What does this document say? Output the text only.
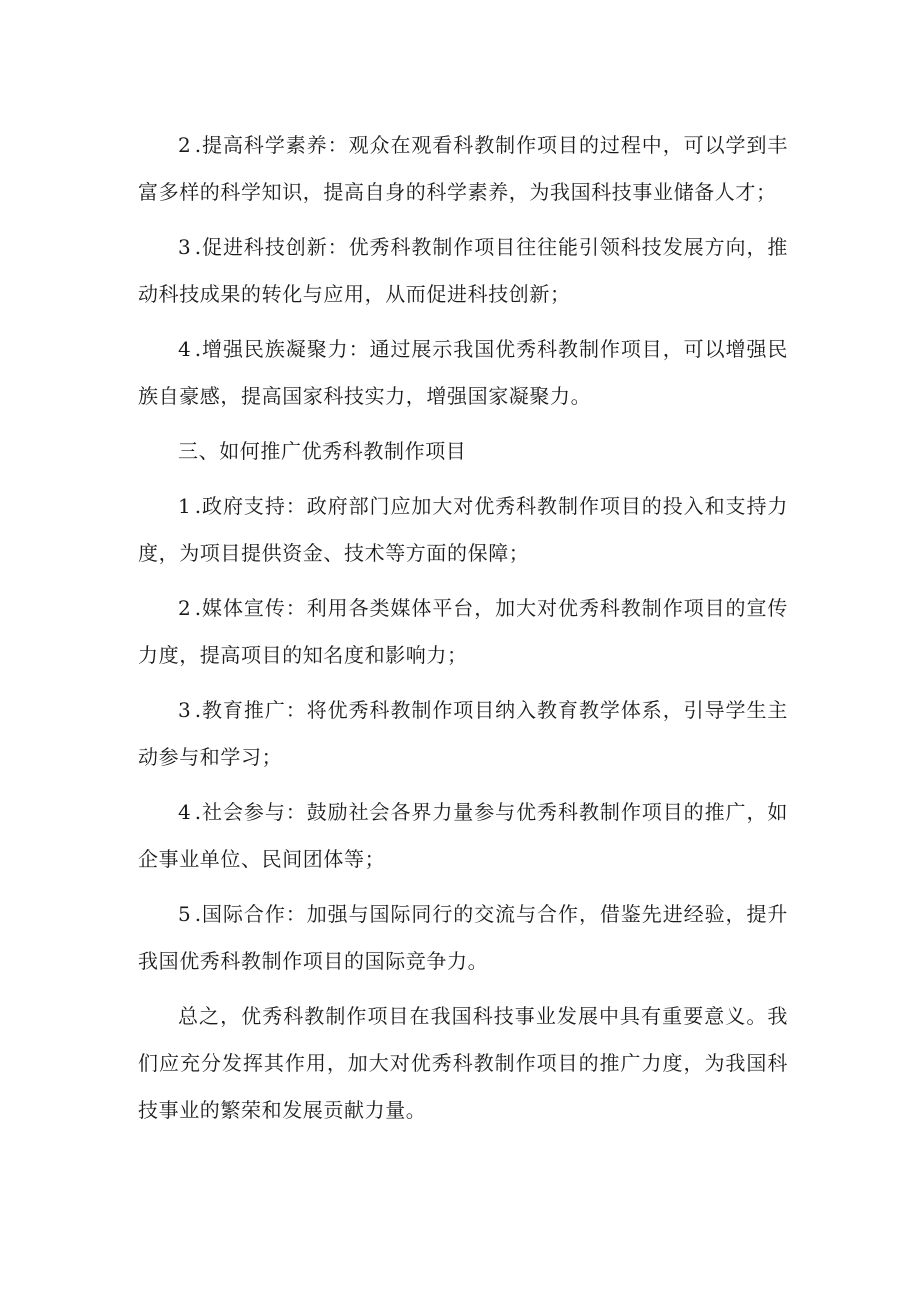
2.提高科学素养：观众在观看科教制作项目的过程中，可以学到丰富多样的科学知识，提高自身的科学素养，为我国科技事业储备人才；

3.促进科技创新：优秀科教制作项目往往能引领科技发展方向，推动科技成果的转化与应用，从而促进科技创新；

4.增强民族凝聚力：通过展示我国优秀科教制作项目，可以增强民族自豪感，提高国家科技实力，增强国家凝聚力。

三、如何推广优秀科教制作项目

1.政府支持：政府部门应加大对优秀科教制作项目的投入和支持力度，为项目提供资金、技术等方面的保障；

2.媒体宣传：利用各类媒体平台，加大对优秀科教制作项目的宣传力度，提高项目的知名度和影响力；

3.教育推广：将优秀科教制作项目纳入教育教学体系，引导学生主动参与和学习；

4.社会参与：鼓励社会各界力量参与优秀科教制作项目的推广，如企事业单位、民间团体等；

5.国际合作：加强与国际同行的交流与合作，借鉴先进经验，提升我国优秀科教制作项目的国际竞争力。

总之，优秀科教制作项目在我国科技事业发展中具有重要意义。我们应充分发挥其作用，加大对优秀科教制作项目的推广力度，为我国科技事业的繁荣和发展贡献力量。
